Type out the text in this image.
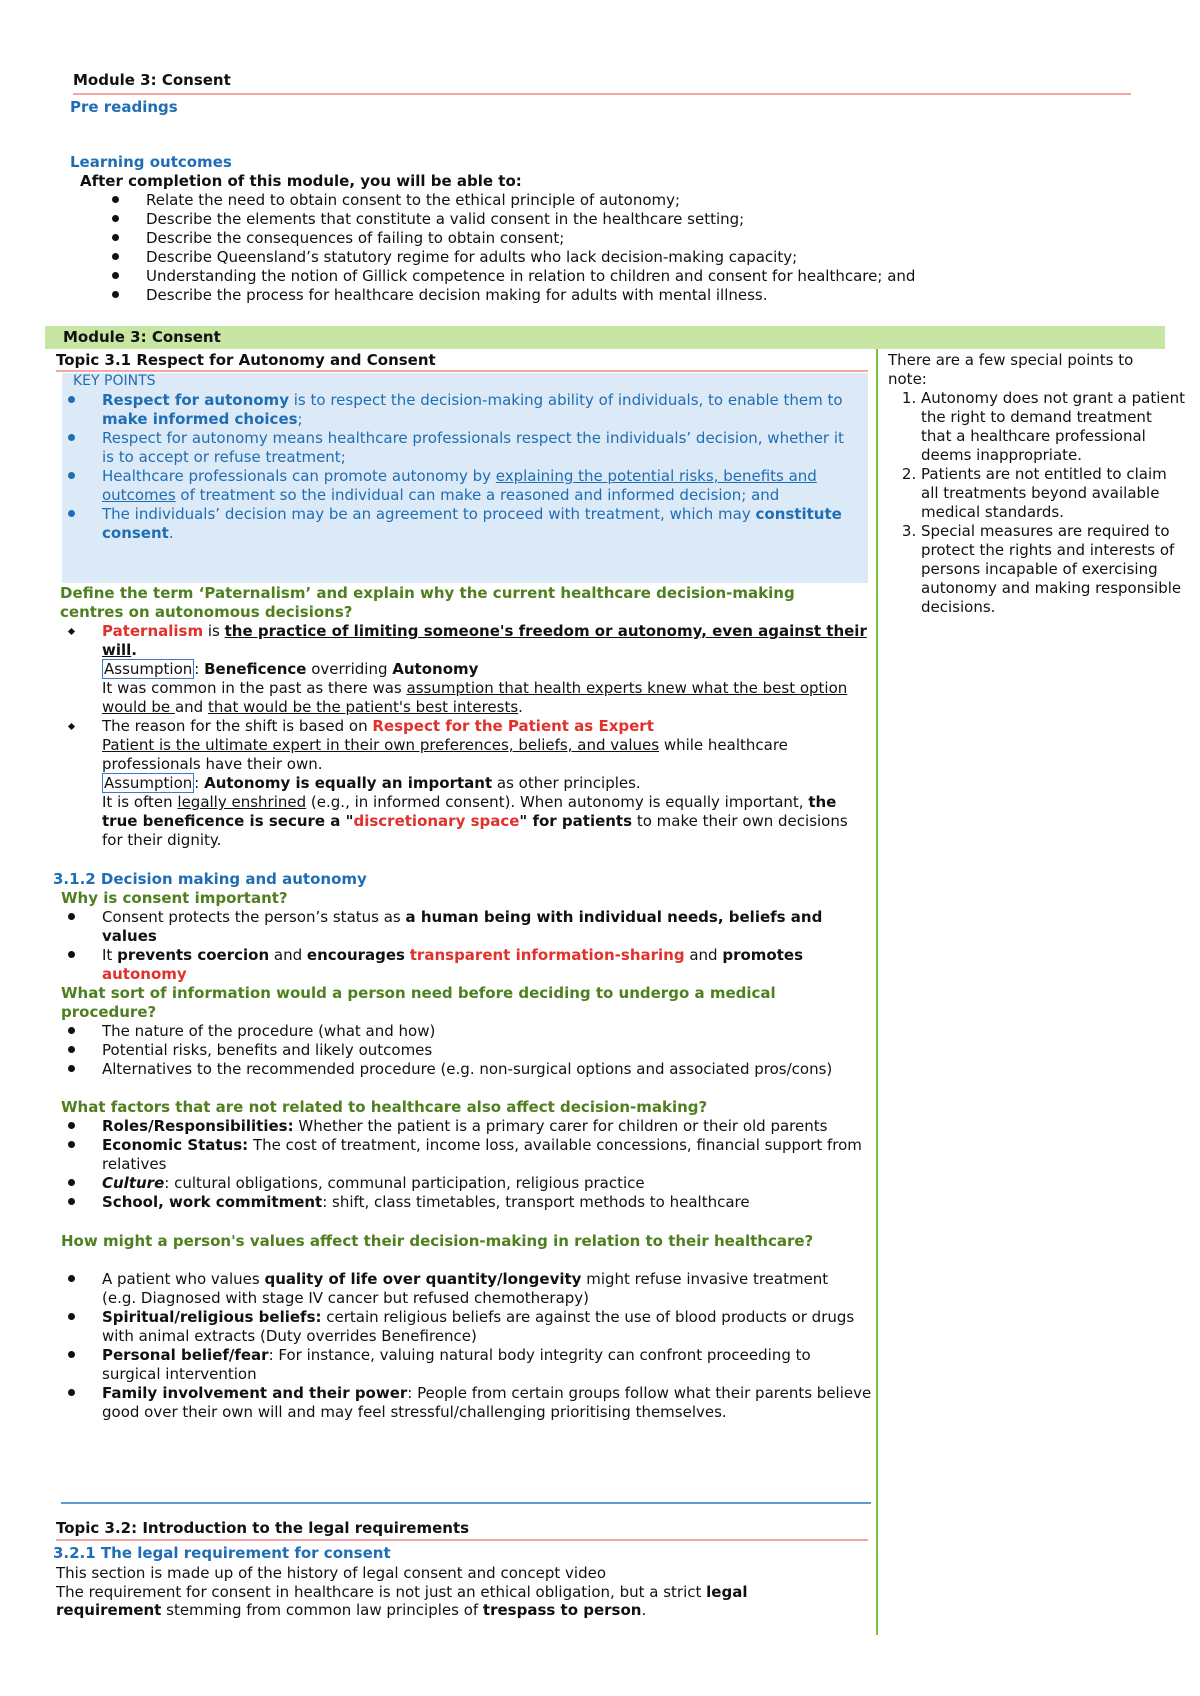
Module 3: Consent
Pre readings
Learning outcomes
After completion of this module, you will be able to:
Relate the need to obtain consent to the ethical principle of autonomy;
Describe the elements that constitute a valid consent in the healthcare setting;
Describe the consequences of failing to obtain consent;
Describe Queensland’s statutory regime for adults who lack decision-making capacity;
Understanding the notion of Gillick competence in relation to children and consent for healthcare; and
Describe the process for healthcare decision making for adults with mental illness.
Module 3: Consent
Topic 3.1 Respect for Autonomy and Consent
KEY POINTS
Respect for autonomy is to respect the decision-making ability of individuals, to enable them to make informed choices;
Respect for autonomy means healthcare professionals respect the individuals’ decision, whether it is to accept or refuse treatment;
Healthcare professionals can promote autonomy by explaining the potential risks, benefits and outcomes of treatment so the individual can make a reasoned and informed decision; and
The individuals’ decision may be an agreement to proceed with treatment, which may constitute consent.
Define the term ‘Paternalism’ and explain why the current healthcare decision-making centres on autonomous decisions?
Paternalism is the practice of limiting someone's freedom or autonomy, even against their will.
Assumption : Beneficence overriding Autonomy
It was common in the past as there was assumption that health experts knew what the best option would be and that would be the patient's best interests.
The reason for the shift is based on Respect for the Patient as Expert
Patient is the ultimate expert in their own preferences, beliefs, and values while healthcare professionals have their own.
Assumption : Autonomy is equally an important as other principles.
It is often legally enshrined (e.g., in informed consent). When autonomy is equally important, the true beneficence is secure a "discretionary space" for patients to make their own decisions for their dignity.
3.1.2 Decision making and autonomy
Why is consent important?
Consent protects the person’s status as a human being with individual needs, beliefs and values
It prevents coercion and encourages transparent information-sharing and promotes autonomy
What sort of information would a person need before deciding to undergo a medical procedure?
The nature of the procedure (what and how)
Potential risks, benefits and likely outcomes
Alternatives to the recommended procedure (e.g. non-surgical options and associated pros/cons)
What factors that are not related to healthcare also affect decision-making?
Roles/Responsibilities: Whether the patient is a primary carer for children or their old parents
Economic Status: The cost of treatment, income loss, available concessions, financial support from relatives
Culture: cultural obligations, communal participation, religious practice
School, work commitment: shift, class timetables, transport methods to healthcare
How might a person's values affect their decision-making in relation to their healthcare?
A patient who values quality of life over quantity/longevity might refuse invasive treatment
(e.g. Diagnosed with stage IV cancer but refused chemotherapy)
Spiritual/religious beliefs: certain religious beliefs are against the use of blood products or drugs with animal extracts (Duty overrides Benefirence)
Personal belief/fear: For instance, valuing natural body integrity can confront proceeding to surgical intervention
Family involvement and their power: People from certain groups follow what their parents believe good over their own will and may feel stressful/challenging prioritising themselves.
Topic 3.2: Introduction to the legal requirements
3.2.1 The legal requirement for consent
This section is made up of the history of legal consent and concept video
The requirement for consent in healthcare is not just an ethical obligation, but a strict legal requirement stemming from common law principles of trespass to person.
There are a few special points to note:
1. Autonomy does not grant a patient the right to demand treatment that a healthcare professional deems inappropriate.
2. Patients are not entitled to claim all treatments beyond available medical standards.
3. Special measures are required to protect the rights and interests of persons incapable of exercising autonomy and making responsible decisions.
